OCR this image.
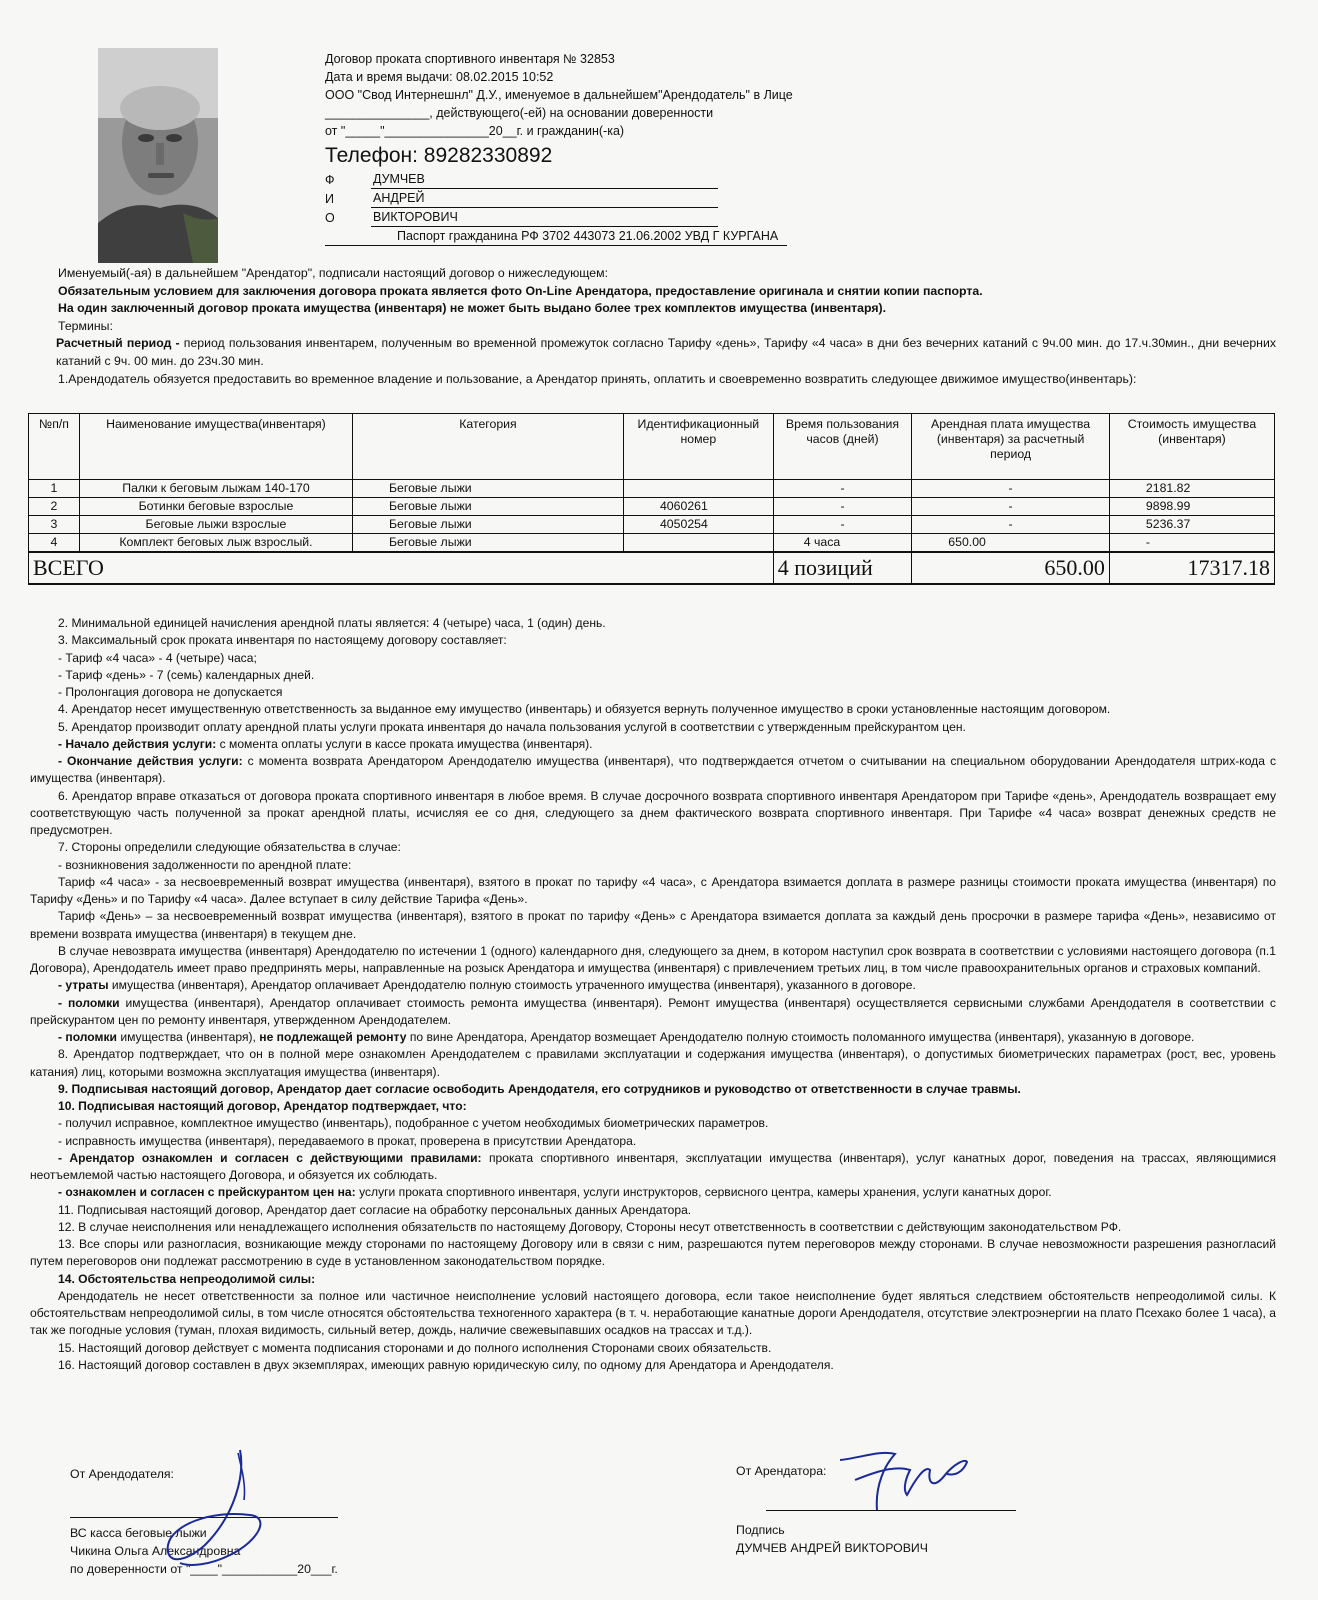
Договор проката спортивного инвентаря № 32853
Дата и время выдачи: 08.02.2015 10:52
ООО "Свод Интернешнл" Д.У., именуемое в дальнейшем"Арендодатель" в Лице
_______________, действующего(-ей) на основании доверенности
от "_____"_______________20__г. и гражданин(-ка)
Телефон: 89282330892
Ф	ДУМЧЕВ
И	АНДРЕЙ
О	ВИКТОРОВИЧ
Паспорт гражданина РФ 3702 443073 21.06.2002 УВД Г КУРГАНА

Именуемый(-ая) в дальнейшем "Арендатор", подписали настоящий договор о нижеследующем:

Обязательным условием для заключения договора проката является фото On-Line Арендатора, предоставление оригинала и снятии копии паспорта.

На один заключенный договор проката имущества (инвентаря) не может быть выдано более трех комплектов имущества (инвентаря).

Термины:

Расчетный период - период пользования инвентарем, полученным во временной промежуток согласно Тарифу «день», Тарифу «4 часа» в дни без вечерних катаний с 9ч.00 мин. до 17.ч.30мин., дни вечерних катаний с 9ч. 00 мин. до 23ч.30 мин.

1.Арендодатель обязуется предоставить во временное владение и пользование, а Арендатор принять, оплатить и своевременно возвратить следующее движимое имущество(инвентарь):

№п/п	Наименование имущества(инвентаря)	Категория	Идентификационный номер	Время пользования часов (дней)	Арендная плата имущества (инвентаря) за расчетный период	Стоимость имущества (инвентаря)
1	Палки к беговым лыжам 140-170	Беговые лыжи		-	-	2181.82
2	Ботинки беговые взрослые	Беговые лыжи	4060261	-	-	9898.99
3	Беговые лыжи взрослые	Беговые лыжи	4050254	-	-	5236.37
4	Комплект беговых лыж взрослый.	Беговые лыжи		4 часа	650.00	-
ВСЕГО				4 позиций	650.00	17317.18

2. Минимальной единицей начисления арендной платы является: 4 (четыре) часа, 1 (один) день.

3. Максимальный срок проката инвентаря по настоящему договору составляет:

- Тариф «4 часа» - 4 (четыре) часа;

- Тариф «день» - 7 (семь) календарных дней.

- Пролонгация договора не допускается

4. Арендатор несет имущественную ответственность за выданное ему имущество (инвентарь) и обязуется вернуть полученное имущество в сроки установленные настоящим договором.

5. Арендатор производит оплату арендной платы услуги проката инвентаря до начала пользования услугой в соответствии с утвержденным прейскурантом цен.

- Начало действия услуги: с момента оплаты услуги в кассе проката имущества (инвентаря).

- Окончание действия услуги: с момента возврата Арендатором Арендодателю имущества (инвентаря), что подтверждается отчетом о считывании на специальном оборудовании Арендодателя штрих-кода с имущества (инвентаря).

6. Арендатор вправе отказаться от договора проката спортивного инвентаря в любое время. В случае досрочного возврата спортивного инвентаря Арендатором при Тарифе «день», Арендодатель возвращает ему соответствующую часть полученной за прокат арендной платы, исчисляя ее со дня, следующего за днем фактического возврата спортивного инвентаря. При Тарифе «4 часа» возврат денежных средств не предусмотрен.

7. Стороны определили следующие обязательства в случае:

- возникновения задолженности по арендной плате:

Тариф «4 часа» - за несвоевременный возврат имущества (инвентаря), взятого в прокат по тарифу «4 часа», с Арендатора взимается доплата в размере разницы стоимости проката имущества (инвентаря) по Тарифу «День» и по Тарифу «4 часа». Далее вступает в силу действие Тарифа «День».

Тариф «День» – за несвоевременный возврат имущества (инвентаря), взятого в прокат по тарифу «День» с Арендатора взимается доплата за каждый день просрочки в размере тарифа «День», независимо от времени возврата имущества (инвентаря) в текущем дне.

В случае невозврата имущества (инвентаря) Арендодателю по истечении 1 (одного) календарного дня, следующего за днем, в котором наступил срок возврата в соответствии с условиями настоящего договора (п.1 Договора), Арендодатель имеет право предпринять меры, направленные на розыск Арендатора и имущества (инвентаря) с привлечением третьих лиц, в том числе правоохранительных органов и страховых компаний.

- утраты имущества (инвентаря), Арендатор оплачивает Арендодателю полную стоимость утраченного имущества (инвентаря), указанного в договоре.

- поломки имущества (инвентаря), Арендатор оплачивает стоимость ремонта имущества (инвентаря). Ремонт имущества (инвентаря) осуществляется сервисными службами Арендодателя в соответствии с прейскурантом цен по ремонту инвентаря, утвержденном Арендодателем.

- поломки имущества (инвентаря), не подлежащей ремонту по вине Арендатора, Арендатор возмещает Арендодателю полную стоимость поломанного имущества (инвентаря), указанную в договоре.

8. Арендатор подтверждает, что он в полной мере ознакомлен Арендодателем с правилами эксплуатации и содержания имущества (инвентаря), о допустимых биометрических параметрах (рост, вес, уровень катания) лиц, которыми возможна эксплуатация имущества (инвентаря).

9. Подписывая настоящий договор, Арендатор дает согласие освободить Арендодателя, его сотрудников и руководство от ответственности в случае травмы.

10. Подписывая настоящий договор, Арендатор подтверждает, что:

- получил исправное, комплектное имущество (инвентарь), подобранное с учетом необходимых биометрических параметров.

- исправность имущества (инвентаря), передаваемого в прокат, проверена в присутствии Арендатора.

- Арендатор ознакомлен и согласен с действующими правилами: проката спортивного инвентаря, эксплуатации имущества (инвентаря), услуг канатных дорог, поведения на трассах, являющимися неотъемлемой частью настоящего Договора, и обязуется их соблюдать.

- ознакомлен и согласен с прейскурантом цен на: услуги проката спортивного инвентаря, услуги инструкторов, сервисного центра, камеры хранения, услуги канатных дорог.

11. Подписывая настоящий договор, Арендатор дает согласие на обработку персональных данных Арендатора.

12. В случае неисполнения или ненадлежащего исполнения обязательств по настоящему Договору, Стороны несут ответственность в соответствии с действующим законодательством РФ.

13. Все споры или разногласия, возникающие между сторонами по настоящему Договору или в связи с ним, разрешаются путем переговоров между сторонами. В случае невозможности разрешения разногласий путем переговоров они подлежат рассмотрению в суде в установленном законодательством порядке.

14. Обстоятельства непреодолимой силы:

Арендодатель не несет ответственности за полное или частичное неисполнение условий настоящего договора, если такое неисполнение будет являться следствием обстоятельств непреодолимой силы. К обстоятельствам непреодолимой силы, в том числе относятся обстоятельства техногенного характера (в т. ч. неработающие канатные дороги Арендодателя, отсутствие электроэнергии на плато Псехако более 1 часа), а так же погодные условия (туман, плохая видимость, сильный ветер, дождь, наличие свежевыпавших осадков на трассах и т.д.).

15. Настоящий договор действует с момента подписания сторонами и до полного исполнения Сторонами своих обязательств.

16. Настоящий договор составлен в двух экземплярах, имеющих равную юридическую силу, по одному для Арендатора и Арендодателя.

От Арендодателя:
ВС касса беговые лыжи
Чикина Ольга Александровна
по доверенности от "____"___________20___г.
От Арендатора:
Подпись
ДУМЧЕВ АНДРЕЙ ВИКТОРОВИЧ
